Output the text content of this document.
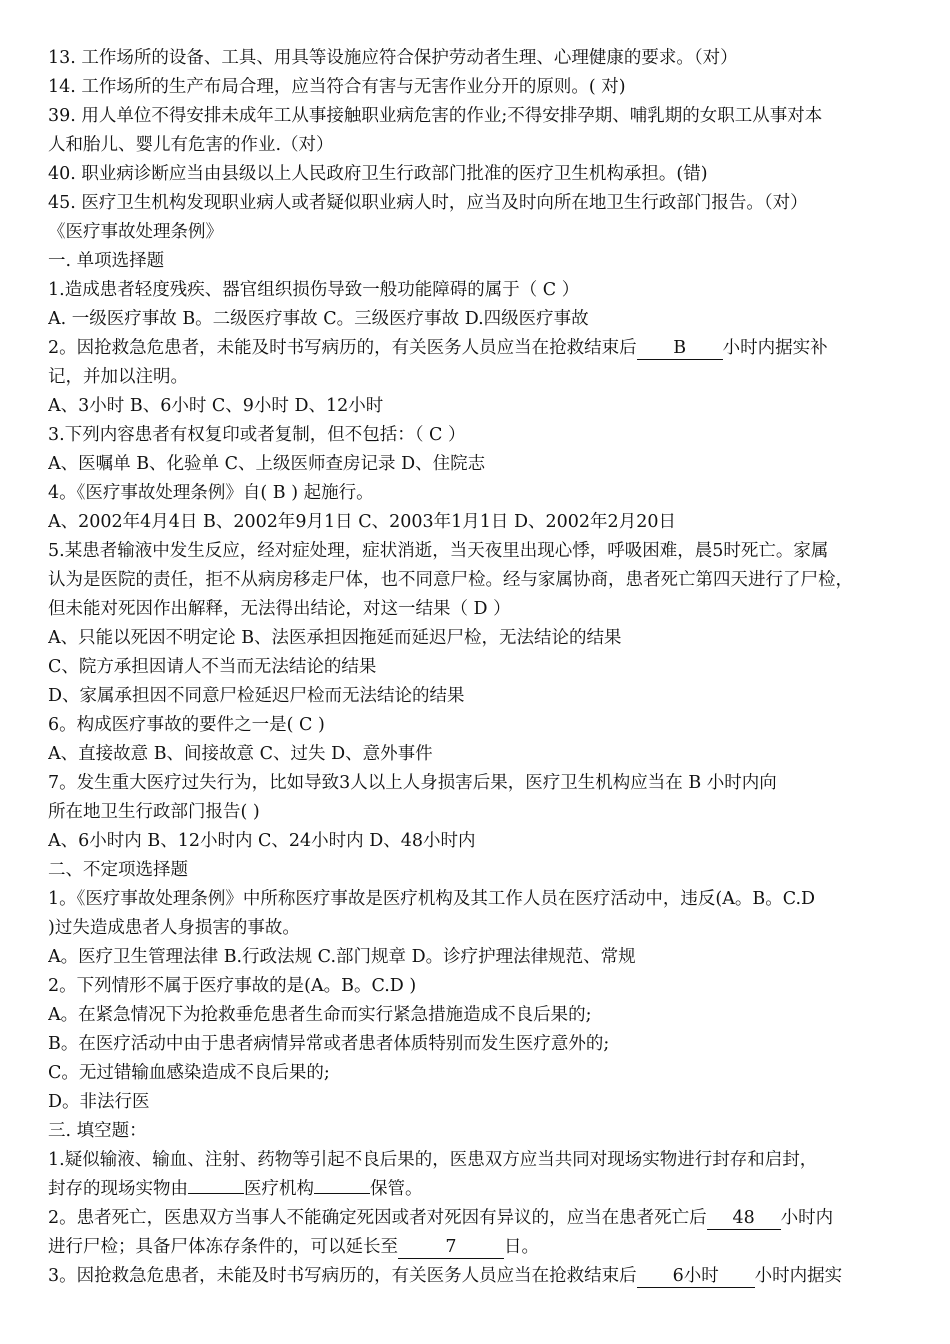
13. 工作场所的设备、工具、用具等设施应符合保护劳动者生理、心理健康的要求。（对）
14. 工作场所的生产布局合理，应当符合有害与无害作业分开的原则。( 对)
39. 用人单位不得安排未成年工从事接触职业病危害的作业;不得安排孕期、哺乳期的女职工从事对本
人和胎儿、婴儿有危害的作业.（对）
40. 职业病诊断应当由县级以上人民政府卫生行政部门批准的医疗卫生机构承担。(错)
45. 医疗卫生机构发现职业病人或者疑似职业病人时，应当及时向所在地卫生行政部门报告。（对）
《医疗事故处理条例》
一. 单项选择题
1.造成患者轻度残疾、器官组织损伤导致一般功能障碍的属于（ C ）
A. 一级医疗事故 B。二级医疗事故 C。三级医疗事故 D.四级医疗事故
2。因抢救急危患者，未能及时书写病历的，有关医务人员应当在抢救结束后 B 小时内据实补
记，并加以注明。
A、3小时 B、6小时 C、9小时 D、12小时
3.下列内容患者有权复印或者复制，但不包括：（ C ）
A、医嘱单 B、化验单 C、上级医师查房记录 D、住院志
4。《医疗事故处理条例》自( B ) 起施行。
A、2002年4月4日 B、2002年9月1日 C、2003年1月1日 D、2002年2月20日
5.某患者输液中发生反应，经对症处理，症状消逝，当天夜里出现心悸，呼吸困难，晨5时死亡。家属
认为是医院的责任，拒不从病房移走尸体，也不同意尸检。经与家属协商，患者死亡第四天进行了尸检，
但未能对死因作出解释，无法得出结论，对这一结果（ D ）
A、只能以死因不明定论 B、法医承担因拖延而延迟尸检，无法结论的结果
C、院方承担因请人不当而无法结论的结果
D、家属承担因不同意尸检延迟尸检而无法结论的结果
6。构成医疗事故的要件之一是( C )
A、直接故意 B、间接故意 C、过失 D、意外事件
7。发生重大医疗过失行为，比如导致3人以上人身损害后果，医疗卫生机构应当在 B 小时内向
所在地卫生行政部门报告( )
A、6小时内 B、12小时内 C、24小时内 D、48小时内
二、不定项选择题
1。《医疗事故处理条例》中所称医疗事故是医疗机构及其工作人员在医疗活动中，违反(A。B。C.D
)过失造成患者人身损害的事故。
A。医疗卫生管理法律 B.行政法规 C.部门规章 D。诊疗护理法律规范、常规
2。下列情形不属于医疗事故的是(A。B。C.D )
A。在紧急情况下为抢救垂危患者生命而实行紧急措施造成不良后果的;
B。在医疗活动中由于患者病情异常或者患者体质特别而发生医疗意外的;
C。无过错输血感染造成不良后果的;
D。非法行医
三. 填空题：
1.疑似输液、输血、注射、药物等引起不良后果的，医患双方应当共同对现场实物进行封存和启封，
封存的现场实物由	医疗机构	保管。
2。患者死亡，医患双方当事人不能确定死因或者对死因有异议的，应当在患者死亡后 48 小时内
进行尸检；具备尸体冻存条件的，可以延长至	7	日。
3。因抢救急危患者，未能及时书写病历的，有关医务人员应当在抢救结束后 6小时 小时内据实
